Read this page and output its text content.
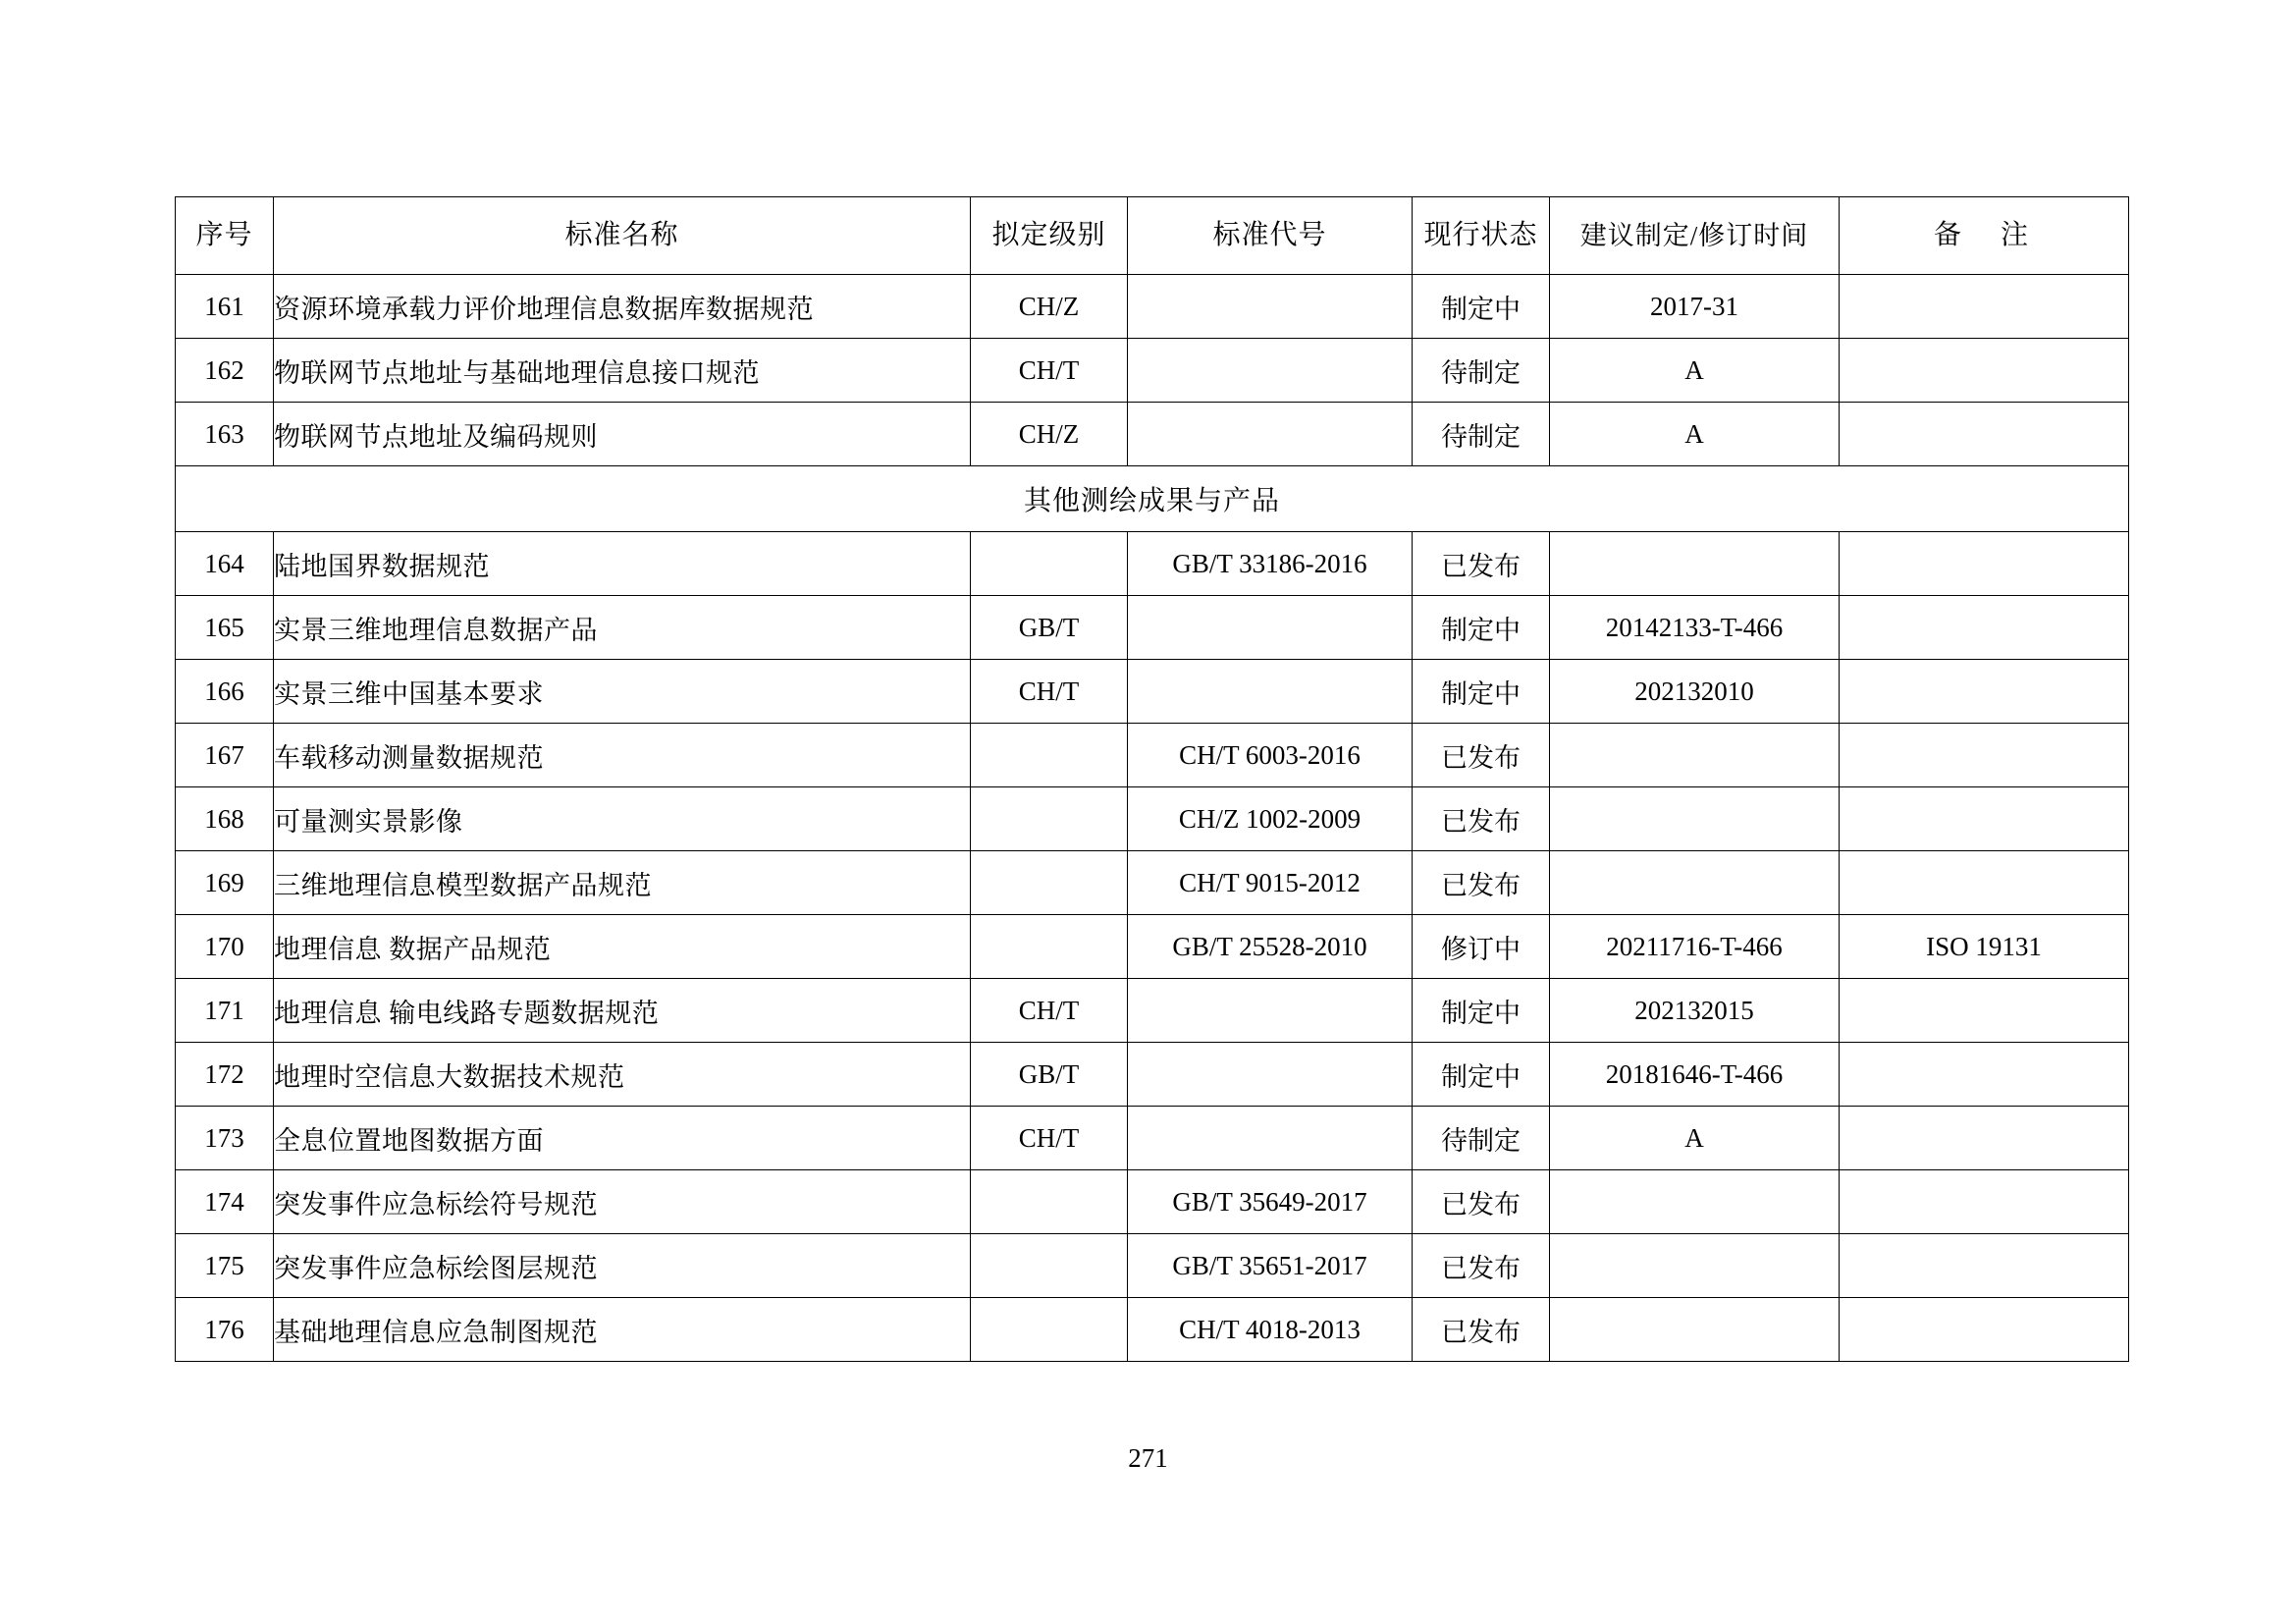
序号	标准名称	拟定级别	标准代号	现行状态	建议制定/修订时间	备　注
161	资源环境承载力评价地理信息数据库数据规范	CH/Z		制定中	2017-31	
162	物联网节点地址与基础地理信息接口规范	CH/T		待制定	A	
163	物联网节点地址及编码规则	CH/Z		待制定	A	
其他测绘成果与产品						
164	陆地国界数据规范		GB/T 33186-2016	已发布		
165	实景三维地理信息数据产品	GB/T		制定中	20142133-T-466	
166	实景三维中国基本要求	CH/T		制定中	202132010	
167	车载移动测量数据规范		CH/T 6003-2016	已发布		
168	可量测实景影像		CH/Z 1002-2009	已发布		
169	三维地理信息模型数据产品规范		CH/T 9015-2012	已发布		
170	地理信息 数据产品规范		GB/T 25528-2010	修订中	20211716-T-466	ISO 19131
171	地理信息 输电线路专题数据规范	CH/T		制定中	202132015	
172	地理时空信息大数据技术规范	GB/T		制定中	20181646-T-466	
173	全息位置地图数据方面	CH/T		待制定	A	
174	突发事件应急标绘符号规范		GB/T 35649-2017	已发布		
175	突发事件应急标绘图层规范		GB/T 35651-2017	已发布		
176	基础地理信息应急制图规范		CH/T 4018-2013	已发布		
271
